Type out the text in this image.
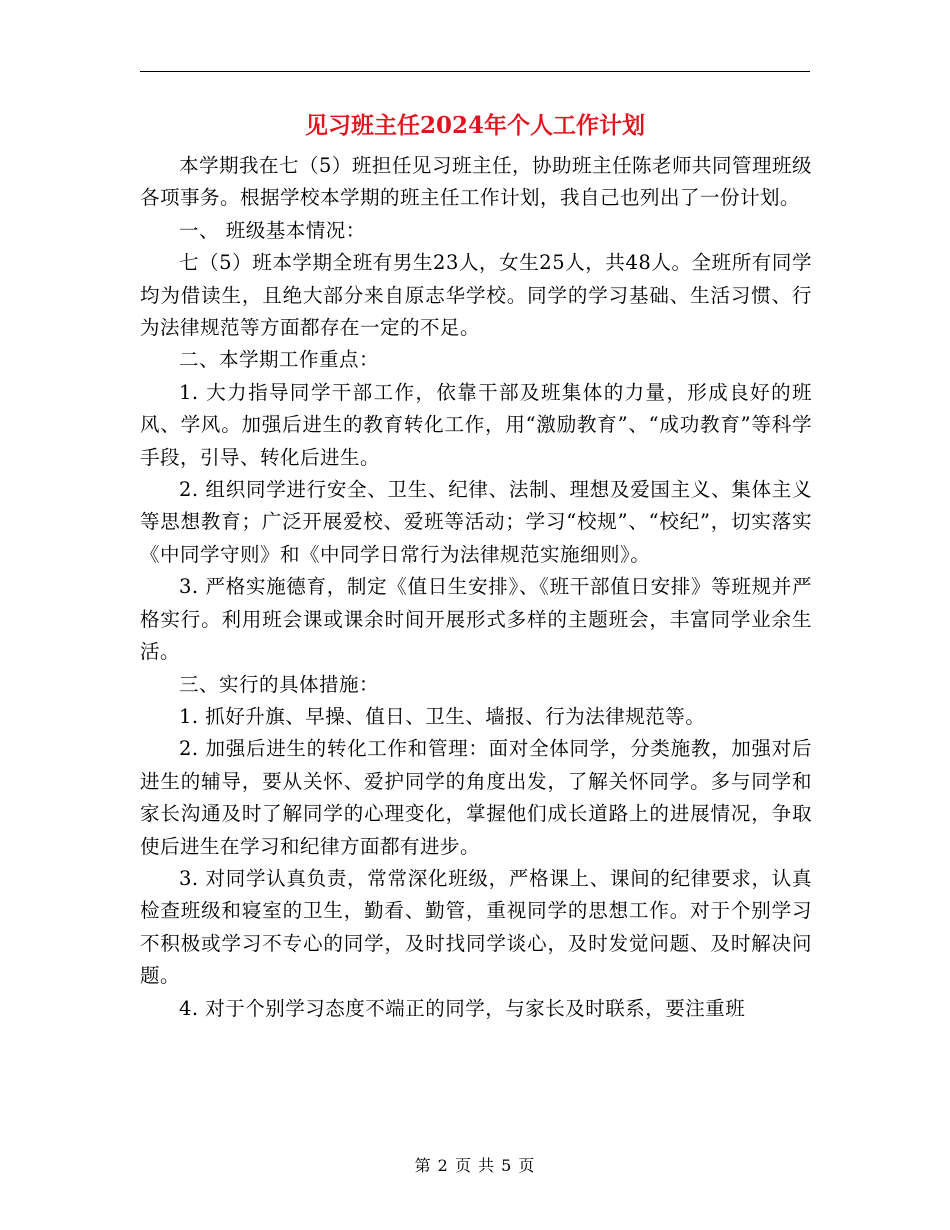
见习班主任2024年个人工作计划

本学期我在七（5）班担任见习班主任，协助班主任陈老师共同管理班级各项事务。根据学校本学期的班主任工作计划，我自己也列出了一份计划。

一、 班级基本情况：

七（5）班本学期全班有男生23人，女生25人，共48人。全班所有同学均为借读生，且绝大部分来自原志华学校。同学的学习基础、生活习惯、行为法律规范等方面都存在一定的不足。

二、本学期工作重点：

1. 大力指导同学干部工作，依靠干部及班集体的力量，形成良好的班风、学风。加强后进生的教育转化工作，用“激励教育”、“成功教育”等科学手段，引导、转化后进生。

2. 组织同学进行安全、卫生、纪律、法制、理想及爱国主义、集体主义等思想教育；广泛开展爱校、爱班等活动；学习“校规”、“校纪”，切实落实《中同学守则》和《中同学日常行为法律规范实施细则》。

3. 严格实施德育，制定《值日生安排》、《班干部值日安排》等班规并严格实行。利用班会课或课余时间开展形式多样的主题班会，丰富同学业余生活。

三、实行的具体措施：

1. 抓好升旗、早操、值日、卫生、墙报、行为法律规范等。

2. 加强后进生的转化工作和管理：面对全体同学，分类施教，加强对后进生的辅导，要从关怀、爱护同学的角度出发，了解关怀同学。多与同学和家长沟通及时了解同学的心理变化，掌握他们成长道路上的进展情况，争取使后进生在学习和纪律方面都有进步。

3. 对同学认真负责，常常深化班级，严格课上、课间的纪律要求，认真检查班级和寝室的卫生，勤看、勤管，重视同学的思想工作。对于个别学习不积极或学习不专心的同学，及时找同学谈心，及时发觉问题、及时解决问题。

4. 对于个别学习态度不端正的同学，与家长及时联系，要注重班

第 2 页 共 5 页
